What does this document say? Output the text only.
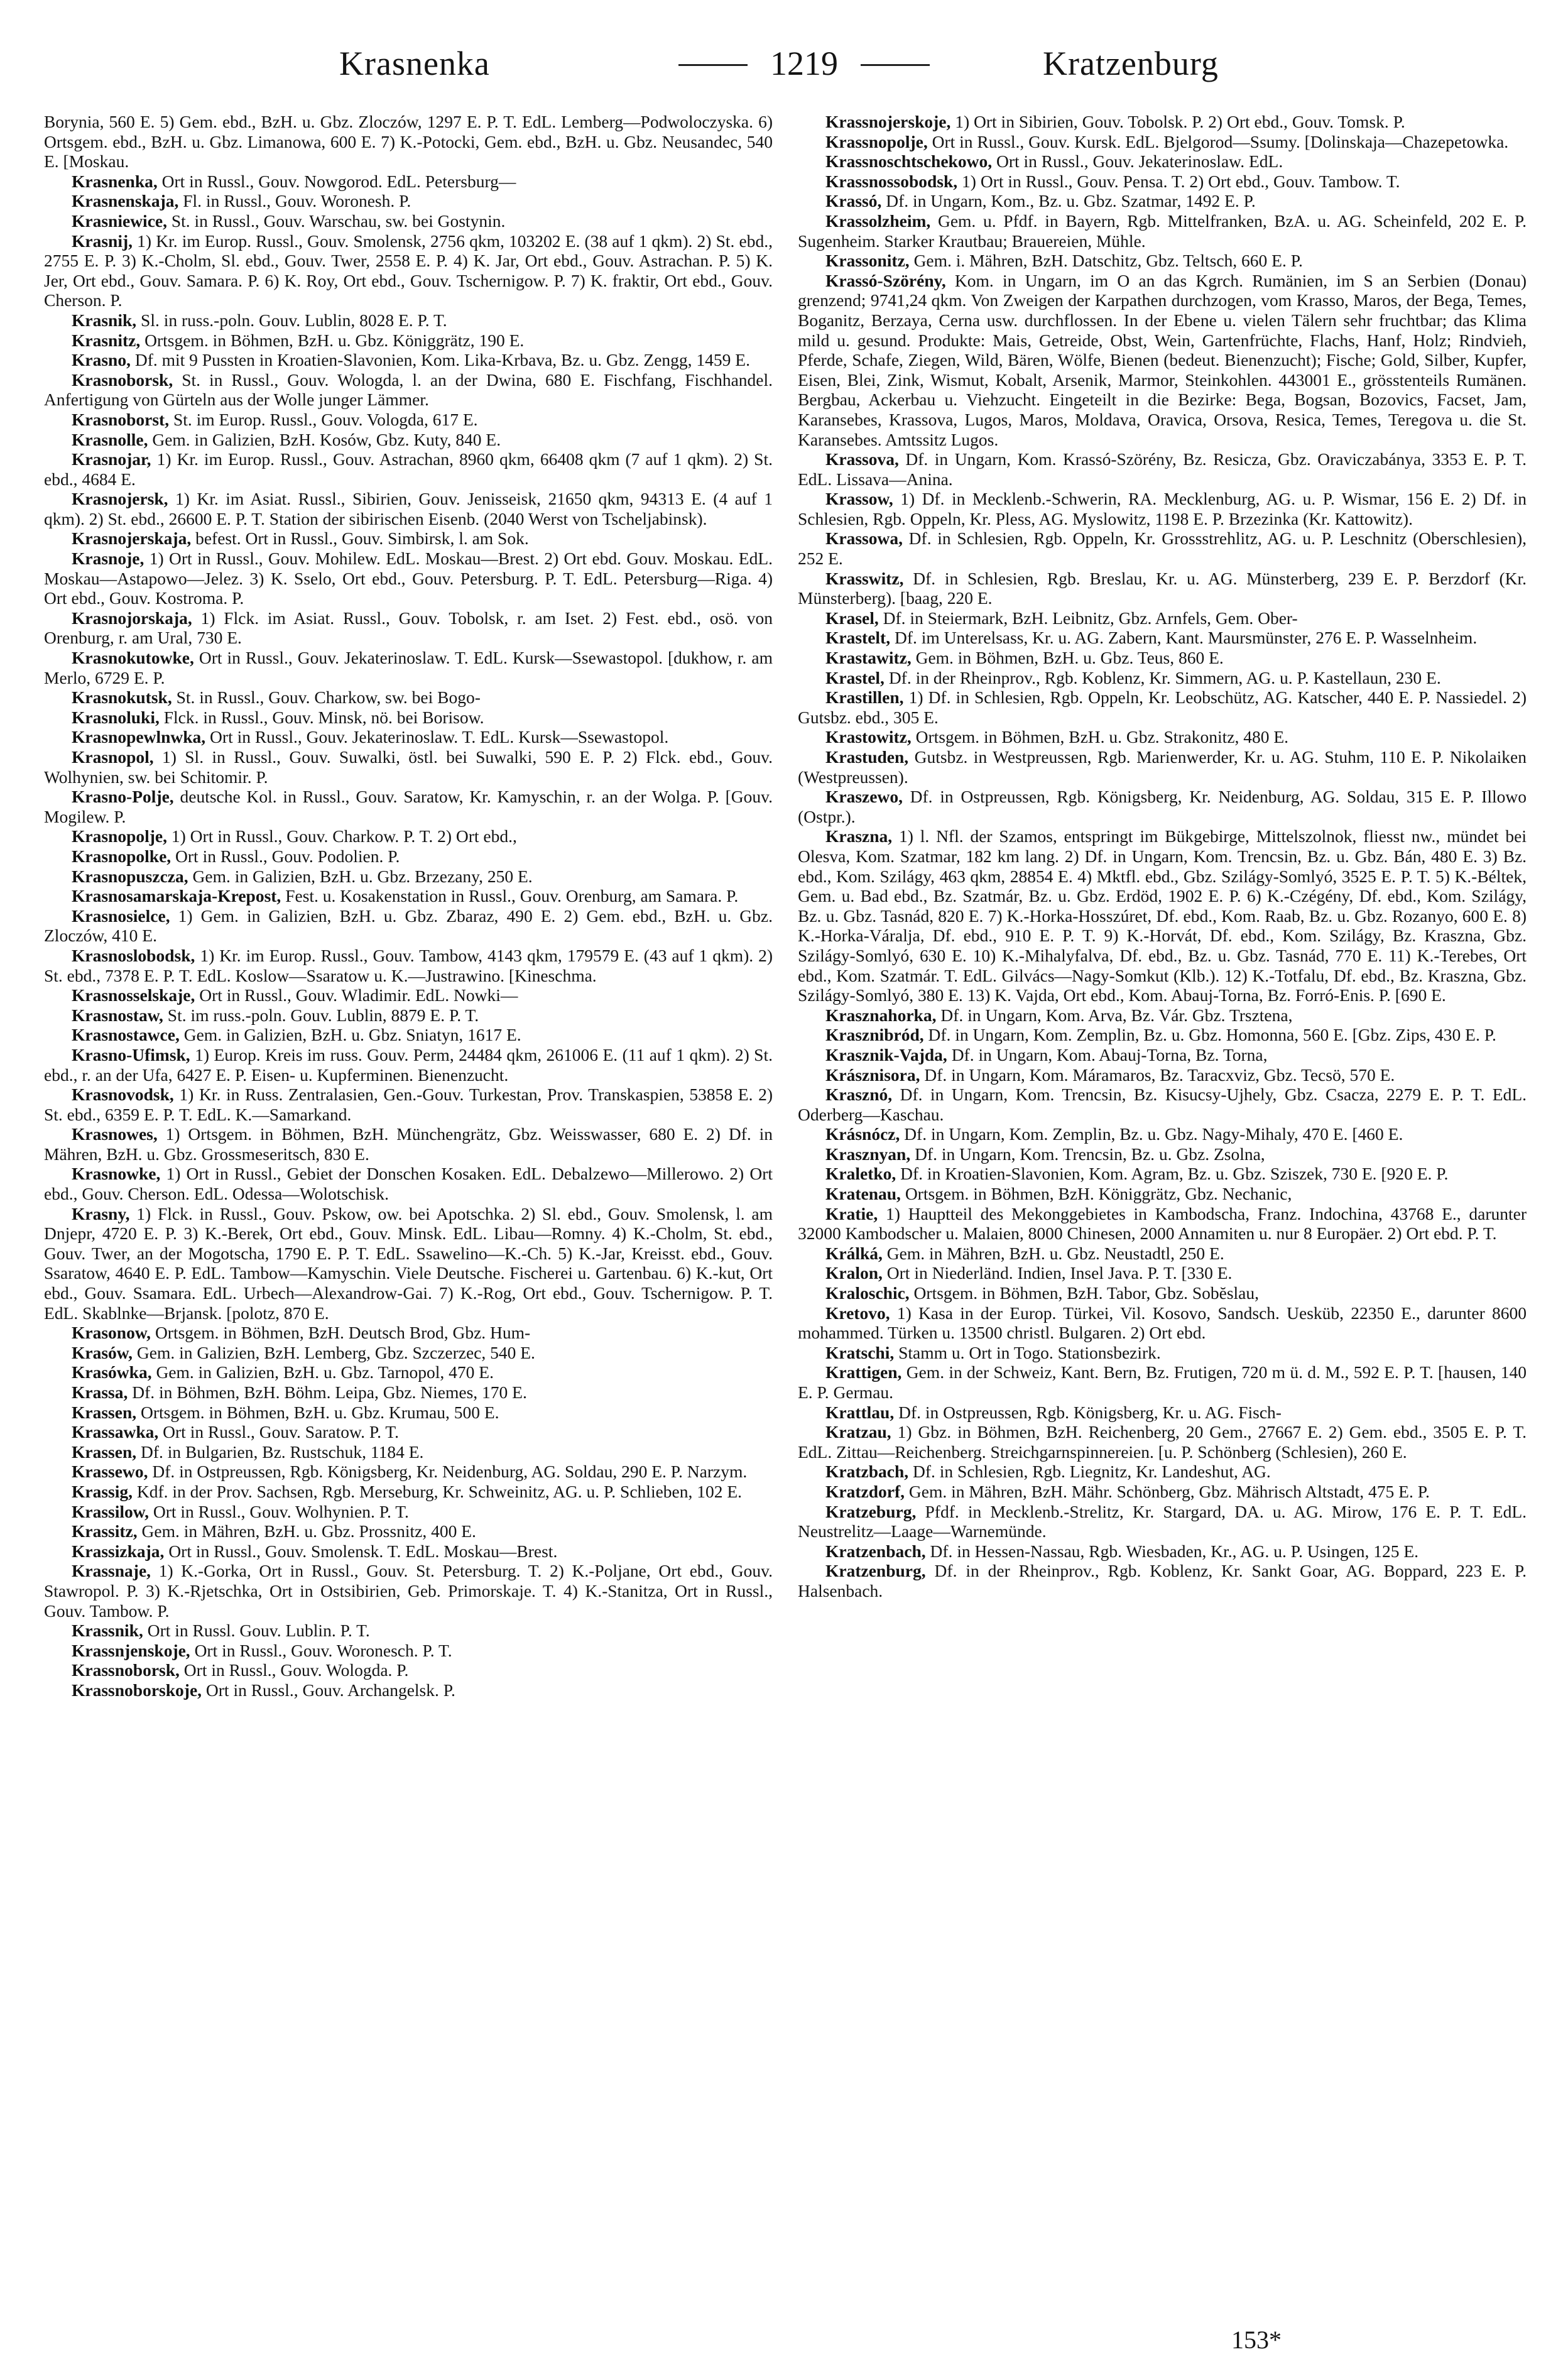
Krasnenka	1219	Kratzenburg

Borynia, 560 E. 5) Gem. ebd., BzH. u. Gbz. Zloczów, 1297 E. P. T. EdL. Lemberg—Podwoloczyska. 6) Ortsgem. ebd., BzH. u. Gbz. Limanowa, 600 E. 7) K.-Potocki, Gem. ebd., BzH. u. Gbz. Neusandec, 540 E. [Moskau.

Krasnenka, Ort in Russl., Gouv. Nowgorod. EdL. Petersburg—

Krasnenskaja, Fl. in Russl., Gouv. Woronesh. P.

Krasniewice, St. in Russl., Gouv. Warschau, sw. bei Gostynin.

Krasnij, 1) Kr. im Europ. Russl., Gouv. Smolensk, 2756 qkm, 103202 E. (38 auf 1 qkm). 2) St. ebd., 2755 E. P. 3) K.-Cholm, Sl. ebd., Gouv. Twer, 2558 E. P. 4) K. Jar, Ort ebd., Gouv. Astrachan. P. 5) K. Jer, Ort ebd., Gouv. Samara. P. 6) K. Roy, Ort ebd., Gouv. Tschernigow. P. 7) K. fraktir, Ort ebd., Gouv. Cherson. P.

Krasnik, Sl. in russ.-poln. Gouv. Lublin, 8028 E. P. T.

Krasnitz, Ortsgem. in Böhmen, BzH. u. Gbz. Königgrätz, 190 E.

Krasno, Df. mit 9 Pussten in Kroatien-Slavonien, Kom. Lika-Krbava, Bz. u. Gbz. Zengg, 1459 E.

Krasnoborsk, St. in Russl., Gouv. Wologda, l. an der Dwina, 680 E. Fischfang, Fischhandel. Anfertigung von Gürteln aus der Wolle junger Lämmer.

Krasnoborst, St. im Europ. Russl., Gouv. Vologda, 617 E.

Krasnolle, Gem. in Galizien, BzH. Kosów, Gbz. Kuty, 840 E.

Krasnojar, 1) Kr. im Europ. Russl., Gouv. Astrachan, 8960 qkm, 66408 qkm (7 auf 1 qkm). 2) St. ebd., 4684 E.

Krasnojersk, 1) Kr. im Asiat. Russl., Sibirien, Gouv. Jenisseisk, 21650 qkm, 94313 E. (4 auf 1 qkm). 2) St. ebd., 26600 E. P. T. Station der sibirischen Eisenb. (2040 Werst von Tscheljabinsk).

Krasnojerskaja, befest. Ort in Russl., Gouv. Simbirsk, l. am Sok.

Krasnoje, 1) Ort in Russl., Gouv. Mohilew. EdL. Moskau—Brest. 2) Ort ebd. Gouv. Moskau. EdL. Moskau—Astapowo—Jelez. 3) K. Sselo, Ort ebd., Gouv. Petersburg. P. T. EdL. Petersburg—Riga. 4) Ort ebd., Gouv. Kostroma. P.

Krasnojorskaja, 1) Flck. im Asiat. Russl., Gouv. Tobolsk, r. am Iset. 2) Fest. ebd., osö. von Orenburg, r. am Ural, 730 E.

Krasnokutowke, Ort in Russl., Gouv. Jekaterinoslaw. T. EdL. Kursk—Ssewastopol. [dukhow, r. am Merlo, 6729 E. P.

Krasnokutsk, St. in Russl., Gouv. Charkow, sw. bei Bogo-

Krasnoluki, Flck. in Russl., Gouv. Minsk, nö. bei Borisow.

Krasnopewlnwka, Ort in Russl., Gouv. Jekaterinoslaw. T. EdL. Kursk—Ssewastopol.

Krasnopol, 1) Sl. in Russl., Gouv. Suwalki, östl. bei Suwalki, 590 E. P. 2) Flck. ebd., Gouv. Wolhynien, sw. bei Schitomir. P.

Krasno-Polje, deutsche Kol. in Russl., Gouv. Saratow, Kr. Kamyschin, r. an der Wolga. P. [Gouv. Mogilew. P.

Krasnopolje, 1) Ort in Russl., Gouv. Charkow. P. T. 2) Ort ebd.,

Krasnopolke, Ort in Russl., Gouv. Podolien. P.

Krasnopuszcza, Gem. in Galizien, BzH. u. Gbz. Brzezany, 250 E.

Krasnosamarskaja-Krepost, Fest. u. Kosakenstation in Russl., Gouv. Orenburg, am Samara. P.

Krasnosielce, 1) Gem. in Galizien, BzH. u. Gbz. Zbaraz, 490 E. 2) Gem. ebd., BzH. u. Gbz. Zloczów, 410 E.

Krasnoslobodsk, 1) Kr. im Europ. Russl., Gouv. Tambow, 4143 qkm, 179579 E. (43 auf 1 qkm). 2) St. ebd., 7378 E. P. T. EdL. Koslow—Ssaratow u. K.—Justrawino. [Kineschma.

Krasnosselskaje, Ort in Russl., Gouv. Wladimir. EdL. Nowki—

Krasnostaw, St. im russ.-poln. Gouv. Lublin, 8879 E. P. T.

Krasnostawce, Gem. in Galizien, BzH. u. Gbz. Sniatyn, 1617 E.

Krasno-Ufimsk, 1) Europ. Kreis im russ. Gouv. Perm, 24484 qkm, 261006 E. (11 auf 1 qkm). 2) St. ebd., r. an der Ufa, 6427 E. P. Eisen- u. Kupferminen. Bienenzucht.

Krasnovodsk, 1) Kr. in Russ. Zentralasien, Gen.-Gouv. Turkestan, Prov. Transkaspien, 53858 E. 2) St. ebd., 6359 E. P. T. EdL. K.—Samarkand.

Krasnowes, 1) Ortsgem. in Böhmen, BzH. Münchengrätz, Gbz. Weisswasser, 680 E. 2) Df. in Mähren, BzH. u. Gbz. Grossmeseritsch, 830 E.

Krasnowke, 1) Ort in Russl., Gebiet der Donschen Kosaken. EdL. Debalzewo—Millerowo. 2) Ort ebd., Gouv. Cherson. EdL. Odessa—Wolotschisk.

Krasny, 1) Flck. in Russl., Gouv. Pskow, ow. bei Apotschka. 2) Sl. ebd., Gouv. Smolensk, l. am Dnjepr, 4720 E. P. 3) K.-Berek, Ort ebd., Gouv. Minsk. EdL. Libau—Romny. 4) K.-Cholm, St. ebd., Gouv. Twer, an der Mogotscha, 1790 E. P. T. EdL. Ssawelino—K.-Ch. 5) K.-Jar, Kreisst. ebd., Gouv. Ssaratow, 4640 E. P. EdL. Tambow—Kamyschin. Viele Deutsche. Fischerei u. Gartenbau. 6) K.-kut, Ort ebd., Gouv. Ssamara. EdL. Urbech—Alexandrow-Gai. 7) K.-Rog, Ort ebd., Gouv. Tschernigow. P. T. EdL. Skablnke—Brjansk. [polotz, 870 E.

Krasonow, Ortsgem. in Böhmen, BzH. Deutsch Brod, Gbz. Hum-

Krasów, Gem. in Galizien, BzH. Lemberg, Gbz. Szczerzec, 540 E.

Krasówka, Gem. in Galizien, BzH. u. Gbz. Tarnopol, 470 E.

Krassa, Df. in Böhmen, BzH. Böhm. Leipa, Gbz. Niemes, 170 E.

Krassen, Ortsgem. in Böhmen, BzH. u. Gbz. Krumau, 500 E.

Krassawka, Ort in Russl., Gouv. Saratow. P. T.

Krassen, Df. in Bulgarien, Bz. Rustschuk, 1184 E.

Krassewo, Df. in Ostpreussen, Rgb. Königsberg, Kr. Neidenburg, AG. Soldau, 290 E. P. Narzym.

Krassig, Kdf. in der Prov. Sachsen, Rgb. Merseburg, Kr. Schweinitz, AG. u. P. Schlieben, 102 E.

Krassilow, Ort in Russl., Gouv. Wolhynien. P. T.

Krassitz, Gem. in Mähren, BzH. u. Gbz. Prossnitz, 400 E.

Krassizkaja, Ort in Russl., Gouv. Smolensk. T. EdL. Moskau—Brest.

Krassnaje, 1) K.-Gorka, Ort in Russl., Gouv. St. Petersburg. T. 2) K.-Poljane, Ort ebd., Gouv. Stawropol. P. 3) K.-Rjetschka, Ort in Ostsibirien, Geb. Primorskaje. T. 4) K.-Stanitza, Ort in Russl., Gouv. Tambow. P.

Krassnik, Ort in Russl. Gouv. Lublin. P. T.

Krassnjenskoje, Ort in Russl., Gouv. Woronesch. P. T.

Krassnoborsk, Ort in Russl., Gouv. Wologda. P.

Krassnoborskoje, Ort in Russl., Gouv. Archangelsk. P.

Krassnojerskoje, 1) Ort in Sibirien, Gouv. Tobolsk. P. 2) Ort ebd., Gouv. Tomsk. P.

Krassnopolje, Ort in Russl., Gouv. Kursk. EdL. Bjelgorod—Ssumy. [Dolinskaja—Chazepetowka.

Krassnoschtschekowo, Ort in Russl., Gouv. Jekaterinoslaw. EdL.

Krassnossobodsk, 1) Ort in Russl., Gouv. Pensa. T. 2) Ort ebd., Gouv. Tambow. T.

Krassó, Df. in Ungarn, Kom., Bz. u. Gbz. Szatmar, 1492 E. P.

Krassolzheim, Gem. u. Pfdf. in Bayern, Rgb. Mittelfranken, BzA. u. AG. Scheinfeld, 202 E. P. Sugenheim. Starker Krautbau; Brauereien, Mühle.

Krassonitz, Gem. i. Mähren, BzH. Datschitz, Gbz. Teltsch, 660 E. P.

Krassó-Szörény, Kom. in Ungarn, im O an das Kgrch. Rumänien, im S an Serbien (Donau) grenzend; 9741,24 qkm. Von Zweigen der Karpathen durchzogen, vom Krasso, Maros, der Bega, Temes, Boganitz, Berzaya, Cerna usw. durchflossen. In der Ebene u. vielen Tälern sehr fruchtbar; das Klima mild u. gesund. Produkte: Mais, Getreide, Obst, Wein, Gartenfrüchte, Flachs, Hanf, Holz; Rindvieh, Pferde, Schafe, Ziegen, Wild, Bären, Wölfe, Bienen (bedeut. Bienenzucht); Fische; Gold, Silber, Kupfer, Eisen, Blei, Zink, Wismut, Kobalt, Arsenik, Marmor, Steinkohlen. 443001 E., grösstenteils Rumänen. Bergbau, Ackerbau u. Viehzucht. Eingeteilt in die Bezirke: Bega, Bogsan, Bozovics, Facset, Jam, Karansebes, Krassova, Lugos, Maros, Moldava, Oravica, Orsova, Resica, Temes, Teregova u. die St. Karansebes. Amtssitz Lugos.

Krassova, Df. in Ungarn, Kom. Krassó-Szörény, Bz. Resicza, Gbz. Oraviczabánya, 3353 E. P. T. EdL. Lissava—Anina.

Krassow, 1) Df. in Mecklenb.-Schwerin, RA. Mecklenburg, AG. u. P. Wismar, 156 E. 2) Df. in Schlesien, Rgb. Oppeln, Kr. Pless, AG. Myslowitz, 1198 E. P. Brzezinka (Kr. Kattowitz).

Krassowa, Df. in Schlesien, Rgb. Oppeln, Kr. Grossstrehlitz, AG. u. P. Leschnitz (Oberschlesien), 252 E.

Krasswitz, Df. in Schlesien, Rgb. Breslau, Kr. u. AG. Münsterberg, 239 E. P. Berzdorf (Kr. Münsterberg). [baag, 220 E.

Krasel, Df. in Steiermark, BzH. Leibnitz, Gbz. Arnfels, Gem. Ober-

Krastelt, Df. im Unterelsass, Kr. u. AG. Zabern, Kant. Maursmünster, 276 E. P. Wasselnheim.

Krastawitz, Gem. in Böhmen, BzH. u. Gbz. Teus, 860 E.

Krastel, Df. in der Rheinprov., Rgb. Koblenz, Kr. Simmern, AG. u. P. Kastellaun, 230 E.

Krastillen, 1) Df. in Schlesien, Rgb. Oppeln, Kr. Leobschütz, AG. Katscher, 440 E. P. Nassiedel. 2) Gutsbz. ebd., 305 E.

Krastowitz, Ortsgem. in Böhmen, BzH. u. Gbz. Strakonitz, 480 E.

Krastuden, Gutsbz. in Westpreussen, Rgb. Marienwerder, Kr. u. AG. Stuhm, 110 E. P. Nikolaiken (Westpreussen).

Kraszewo, Df. in Ostpreussen, Rgb. Königsberg, Kr. Neidenburg, AG. Soldau, 315 E. P. Illowo (Ostpr.).

Kraszna, 1) l. Nfl. der Szamos, entspringt im Bükgebirge, Mittelszolnok, fliesst nw., mündet bei Olesva, Kom. Szatmar, 182 km lang. 2) Df. in Ungarn, Kom. Trencsin, Bz. u. Gbz. Bán, 480 E. 3) Bz. ebd., Kom. Szilágy, 463 qkm, 28854 E. 4) Mktfl. ebd., Gbz. Szilágy-Somlyó, 3525 E. P. T. 5) K.-Béltek, Gem. u. Bad ebd., Bz. Szatmár, Bz. u. Gbz. Erdöd, 1902 E. P. 6) K.-Czégény, Df. ebd., Kom. Szilágy, Bz. u. Gbz. Tasnád, 820 E. 7) K.-Horka-Hosszúret, Df. ebd., Kom. Raab, Bz. u. Gbz. Rozanyo, 600 E. 8) K.-Horka-Váralja, Df. ebd., 910 E. P. T. 9) K.-Horvát, Df. ebd., Kom. Szilágy, Bz. Kraszna, Gbz. Szilágy-Somlyó, 630 E. 10) K.-Mihalyfalva, Df. ebd., Bz. u. Gbz. Tasnád, 770 E. 11) K.-Terebes, Ort ebd., Kom. Szatmár. T. EdL. Gilvács—Nagy-Somkut (Klb.). 12) K.-Totfalu, Df. ebd., Bz. Kraszna, Gbz. Szilágy-Somlyó, 380 E. 13) K. Vajda, Ort ebd., Kom. Abauj-Torna, Bz. Forró-Enis. P. [690 E.

Krasznahorka, Df. in Ungarn, Kom. Arva, Bz. Vár. Gbz. Trsztena,

Krasznibród, Df. in Ungarn, Kom. Zemplin, Bz. u. Gbz. Homonna, 560 E. [Gbz. Zips, 430 E. P.

Krasznik-Vajda, Df. in Ungarn, Kom. Abauj-Torna, Bz. Torna,

Krásznisora, Df. in Ungarn, Kom. Máramaros, Bz. Taracxviz, Gbz. Tecsö, 570 E.

Krasznó, Df. in Ungarn, Kom. Trencsin, Bz. Kisucsy-Ujhely, Gbz. Csacza, 2279 E. P. T. EdL. Oderberg—Kaschau.

Krásnócz, Df. in Ungarn, Kom. Zemplin, Bz. u. Gbz. Nagy-Mihaly, 470 E. [460 E.

Krasznyan, Df. in Ungarn, Kom. Trencsin, Bz. u. Gbz. Zsolna,

Kraletko, Df. in Kroatien-Slavonien, Kom. Agram, Bz. u. Gbz. Sziszek, 730 E. [920 E. P.

Kratenau, Ortsgem. in Böhmen, BzH. Königgrätz, Gbz. Nechanic,

Kratie, 1) Hauptteil des Mekonggebietes in Kambodscha, Franz. Indochina, 43768 E., darunter 32000 Kambodscher u. Malaien, 8000 Chinesen, 2000 Annamiten u. nur 8 Europäer. 2) Ort ebd. P. T.

Králká, Gem. in Mähren, BzH. u. Gbz. Neustadtl, 250 E.

Kralon, Ort in Niederländ. Indien, Insel Java. P. T. [330 E.

Kraloschic, Ortsgem. in Böhmen, BzH. Tabor, Gbz. Sobĕslau,

Kretovo, 1) Kasa in der Europ. Türkei, Vil. Kosovo, Sandsch. Uesküb, 22350 E., darunter 8600 mohammed. Türken u. 13500 christl. Bulgaren. 2) Ort ebd.

Kratschi, Stamm u. Ort in Togo. Stationsbezirk.

Krattigen, Gem. in der Schweiz, Kant. Bern, Bz. Frutigen, 720 m ü. d. M., 592 E. P. T. [hausen, 140 E. P. Germau.

Krattlau, Df. in Ostpreussen, Rgb. Königsberg, Kr. u. AG. Fisch-

Kratzau, 1) Gbz. in Böhmen, BzH. Reichenberg, 20 Gem., 27667 E. 2) Gem. ebd., 3505 E. P. T. EdL. Zittau—Reichenberg. Streichgarnspinnereien. [u. P. Schönberg (Schlesien), 260 E.

Kratzbach, Df. in Schlesien, Rgb. Liegnitz, Kr. Landeshut, AG.

Kratzdorf, Gem. in Mähren, BzH. Mähr. Schönberg, Gbz. Mährisch Altstadt, 475 E. P.

Kratzeburg, Pfdf. in Mecklenb.-Strelitz, Kr. Stargard, DA. u. AG. Mirow, 176 E. P. T. EdL. Neustrelitz—Laage—Warnemünde.

Kratzenbach, Df. in Hessen-Nassau, Rgb. Wiesbaden, Kr., AG. u. P. Usingen, 125 E.

Kratzenburg, Df. in der Rheinprov., Rgb. Koblenz, Kr. Sankt Goar, AG. Boppard, 223 E. P. Halsenbach.

153*
